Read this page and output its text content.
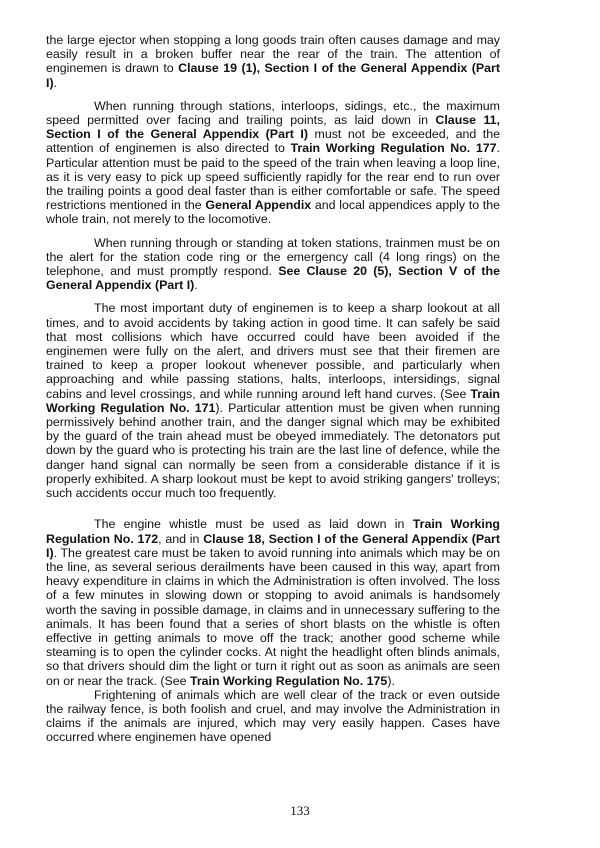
the large ejector when stopping a long goods train often causes damage and may easily result in a broken buffer near the rear of the train. The attention of enginemen is drawn to Clause 19 (1), Section I of the General Appendix (Part I).

When running through stations, interloops, sidings, etc., the maximum speed permitted over facing and trailing points, as laid down in Clause 11, Section I of the General Appendix (Part I) must not be exceeded, and the attention of enginemen is also directed to Train Working Regulation No. 177. Particular attention must be paid to the speed of the train when leaving a loop line, as it is very easy to pick up speed sufficiently rapidly for the rear end to run over the trailing points a good deal faster than is either comfortable or safe. The speed restrictions mentioned in the General Appendix and local appendices apply to the whole train, not merely to the locomotive.

When running through or standing at token stations, trainmen must be on the alert for the station code ring or the emergency call (4 long rings) on the telephone, and must promptly respond. See Clause 20 (5), Section V of the General Appendix (Part I).

The most important duty of enginemen is to keep a sharp lookout at all times, and to avoid accidents by taking action in good time. It can safely be said that most collisions which have occurred could have been avoided if the enginemen were fully on the alert, and drivers must see that their firemen are trained to keep a proper lookout whenever possible, and particularly when approaching and while passing stations, halts, interloops, intersidings, signal cabins and level crossings, and while running around left hand curves. (See Train Working Regulation No. 171). Particular attention must be given when running permissively behind another train, and the danger signal which may be exhibited by the guard of the train ahead must be obeyed immediately. The detonators put down by the guard who is protecting his train are the last line of defence, while the danger hand signal can normally be seen from a considerable distance if it is properly exhibited. A sharp lookout must be kept to avoid striking gangers' trolleys; such accidents occur much too frequently.

The engine whistle must be used as laid down in Train Working Regulation No. 172, and in Clause 18, Section I of the General Appendix (Part I). The greatest care must be taken to avoid running into animals which may be on the line, as several serious derailments have been caused in this way, apart from heavy expenditure in claims in which the Administration is often involved. The loss of a few minutes in slowing down or stopping to avoid animals is handsomely worth the saving in possible damage, in claims and in unnecessary suffering to the animals. It has been found that a series of short blasts on the whistle is often effective in getting animals to move off the track; another good scheme while steaming is to open the cylinder cocks. At night the headlight often blinds animals, so that drivers should dim the light or turn it right out as soon as animals are seen on or near the track. (See Train Working Regulation No. 175).

Frightening of animals which are well clear of the track or even outside the railway fence, is both foolish and cruel, and may involve the Administration in claims if the animals are injured, which may very easily happen. Cases have occurred where enginemen have opened

133
